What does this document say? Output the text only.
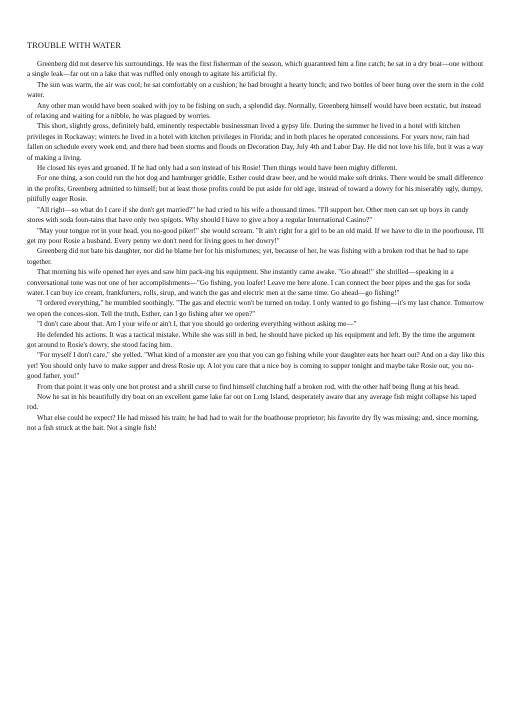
TROUBLE WITH WATER

Greenberg did not deserve his surroundings. He was the first fisherman of the season, which guaranteed him a fine catch; he sat in a dry boat—one without a single leak—far out on a lake that was ruffled only enough to agitate his artificial fly.

The sun was warm, the air was cool; he sat comfortably on a cushion; he had brought a hearty lunch; and two bottles of beer hung over the stern in the cold water.

Any other man would have been soaked with joy to be fishing on such, a splendid day. Normally, Greenberg himself would have been ecstatic, but instead of relaxing and waiting for a nibble, he was plagued by worries.

This short, slightly gross, definitely bald, eminently respectable businessman lived a gypsy life. During the summer he lived in a hotel with kitchen privileges in Rockaway; winters he lived in a hotel with kitchen privileges in Florida; and in both places he operated concessions. For years now, rain had fallen on schedule every week end, and there had been storms and floods on Decoration Day, July 4th and Labor Day. He did not love his life, but it was a way of making a living.

He closed his eyes and groaned. If he had only had a son instead of his Rosie! Then things would have been mighty different.

For one thing, a son could run the hot dog and hamburger griddle, Esther could draw beer, and he would make soft drinks. There would be small difference in the profits, Greenberg admitted to himself; but at least those profits could be put aside for old age, instead of toward a dowry for his miserably ugly, dumpy, pitifully eager Rosie.

"All right—so what do I care if she don't get married?" he had cried to his wife a thousand times. "I'll support her. Other men can set up boys in candy stores with soda foun-tains that have only two spigots. Why should I have to give a boy a regular International Casino?"

"May your tongue rot in your head, you no-good piker!" she would scream. "It ain't right for a girl to be an old maid. If we have to die in the poorhouse, I'll get my poor Rosie a husband. Every penny we don't need for living goes to her dowry!"

Greenberg did not hate his daughter, nor did he blame her for his misfortunes; yet, because of her, he was fishing with a broken rod that he had to tape together.

That morning his wife opened her eyes and saw him pack-ing his equipment. She instantly came awake. "Go ahead!" she shrilled—speaking in a conversational tone was not one of her accomplishments—"Go fishing, you loafer! Leave me here alone. I can connect the beer pipes and the gas for soda water. I can buy ice cream, frankfurters, rolls, sirup, and watch the gas and electric men at the same time. Go ahead—go fishing!"

"I ordered everything," he mumbled soothingly. "The gas and electric won't be turned on today. I only wanted to go fishing—it's my last chance. Tomorrow we open the conces-sion. Tell the truth, Esther, can I go fishing after we open?"

"I don't care about that. Am I your wife or ain't I, that you should go ordering everything without asking me—"

He defended his actions. It was a tactical mistake. While she was still in bed, he should have picked up his equipment and left. By the time the argument got around to Rosie's dowry, she stood facing him.

"For myself I don't care," she yelled. "What kind of a monster are you that you can go fishing while your daughter eats her heart out? And on a day like this yet! You should only have to make supper and dress Rosie up. A lot you care that a nice boy is coming to supper tonight and maybe take Rosie out, you no-good father, you!"

From that point it was only one hot protest and a shrill curse to find himself clutching half a broken rod, with the other half being flung at his head.

Now he sat in his beautifully dry boat on an excellent game lake far out on Long Island, desperately aware that any average fish might collapse his taped rod.

What else could he expect? He had missed his train; he had had to wait for the boathouse proprietor; his favorite dry fly was missing; and, since morning, not a fish struck at the bait. Not a single fish!
